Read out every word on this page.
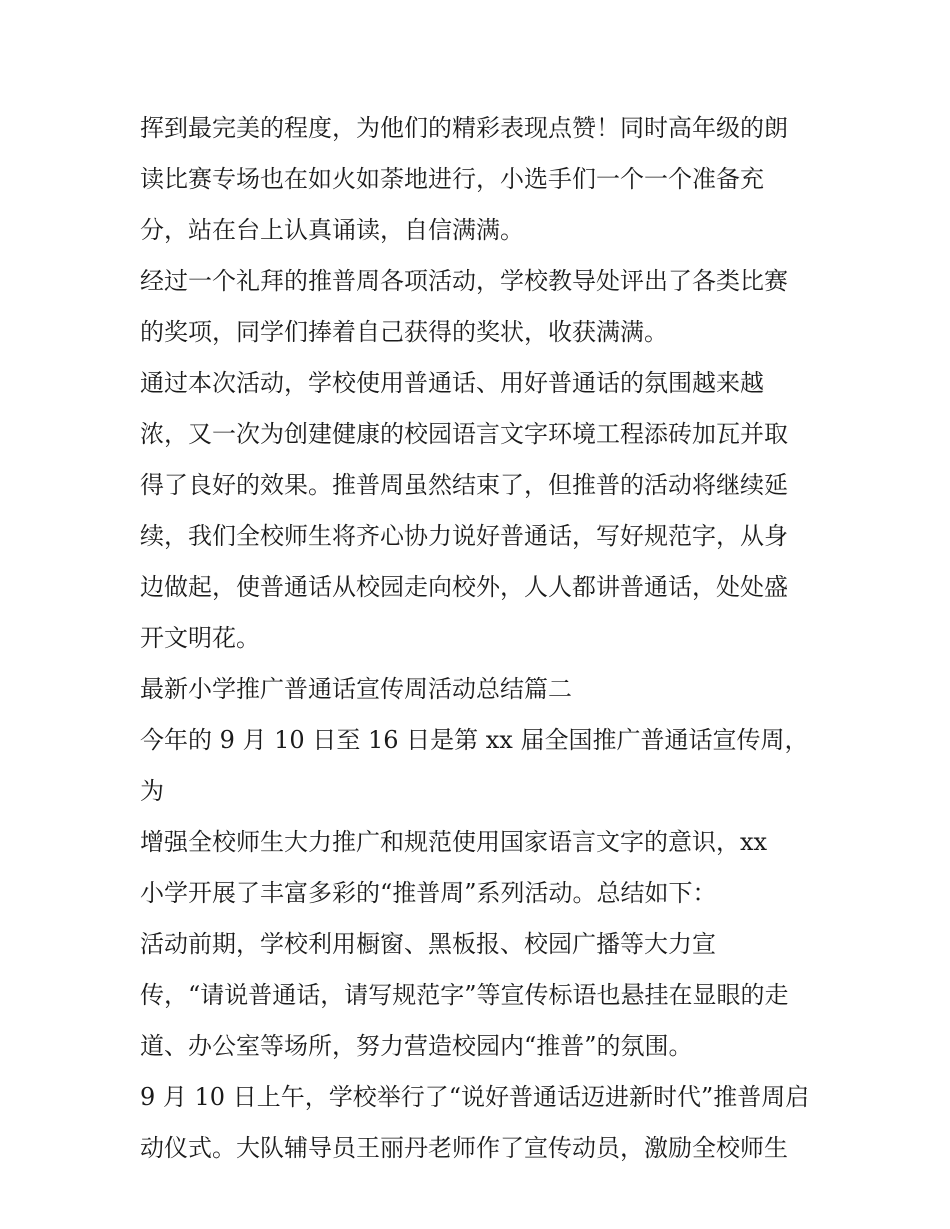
挥到最完美的程度，为他们的精彩表现点赞！同时高年级的朗
读比赛专场也在如火如荼地进行，小选手们一个一个准备充
分，站在台上认真诵读，自信满满。
经过一个礼拜的推普周各项活动，学校教导处评出了各类比赛
的奖项，同学们捧着自己获得的奖状，收获满满。
通过本次活动，学校使用普通话、用好普通话的氛围越来越
浓，又一次为创建健康的校园语言文字环境工程添砖加瓦并取
得了良好的效果。推普周虽然结束了，但推普的活动将继续延
续，我们全校师生将齐心协力说好普通话，写好规范字，从身
边做起，使普通话从校园走向校外，人人都讲普通话，处处盛
开文明花。
最新小学推广普通话宣传周活动总结篇二
今年的 9 月 10 日至 16 日是第 xx 届全国推广普通话宣传周，为
增强全校师生大力推广和规范使用国家语言文字的意识，xx
小学开展了丰富多彩的“推普周”系列活动。总结如下：
活动前期，学校利用橱窗、黑板报、校园广播等大力宣
传，“请说普通话，请写规范字”等宣传标语也悬挂在显眼的走
道、办公室等场所，努力营造校园内“推普”的氛围。
9 月 10 日上午，学校举行了“说好普通话迈进新时代”推普周启
动仪式。大队辅导员王丽丹老师作了宣传动员，激励全校师生
